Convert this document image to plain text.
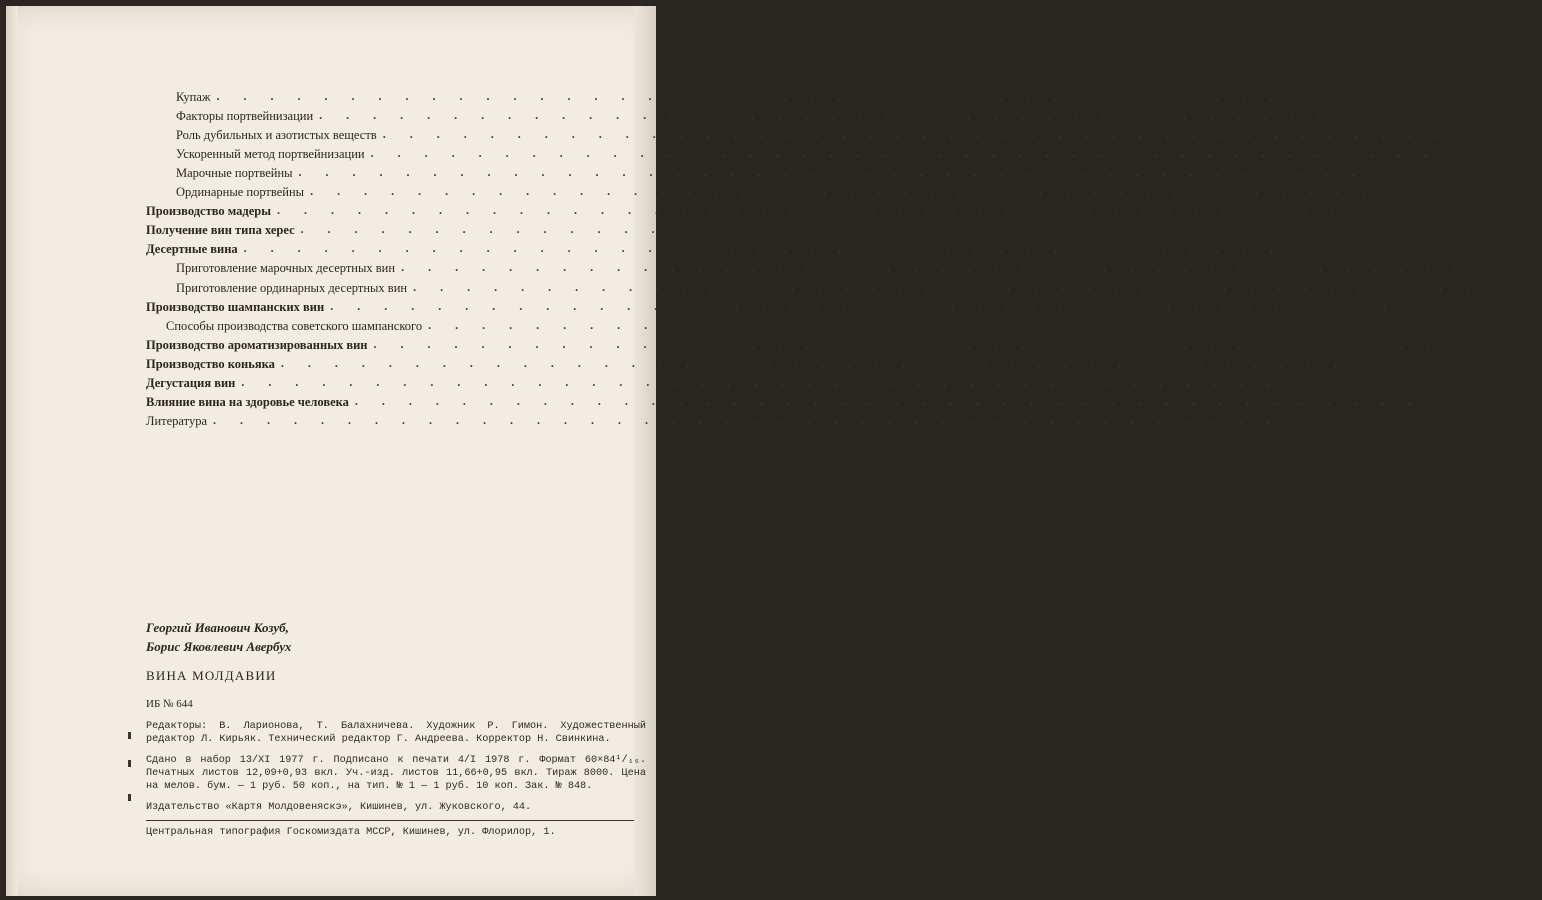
Купаж ........................................	106
Факторы портвейнизации ........................................	109
Роль дубильных и азотистых веществ ........................................	112
Ускоренный метод портвейнизации ........................................	114
Марочные портвейны ........................................	117
Ординарные портвейны ........................................	119
Производство мадеры ........................................	121
Получение вин типа херес ........................................	125
Десертные вина ........................................	140
Приготовление марочных десертных вин ........................................	140
Приготовление ординарных десертных вин ........................................	151
Производство шампанских вин ........................................	157
Способы производства советского шампанского ........................................	163
Производство ароматизированных вин ........................................	176
Производство коньяка ........................................	181
Дегустация вин ........................................	194
Влияние вина на здоровье человека ........................................	200
Литература ........................................	206
Георгий Иванович Козуб,
Борис Яковлевич Авербух
ВИНА МОЛДАВИИ
ИБ № 644
Редакторы: В. Ларионова, Т. Балахничева. Художник Р. Гимон. Художественный редактор Л. Кирьяк. Технический редактор Г. Андреева. Корректор Н. Свинкина.
Сдано в набор 13/XI 1977 г. Подписано к печати 4/I 1978 г. Формат 60×84¹/₁₆. Печатных листов 12,09+0,93 вкл. Уч.-изд. листов 11,66+0,95 вкл. Тираж 8000. Цена на мелов. бум. — 1 руб. 50 коп., на тип. № 1 — 1 руб. 10 коп. Зак. № 848.
Издательство «Картя Молдовеняскэ», Кишинев, ул. Жуковского, 44.
Центральная типография Госкомиздата МССР, Кишинев, ул. Флорилор, 1.
